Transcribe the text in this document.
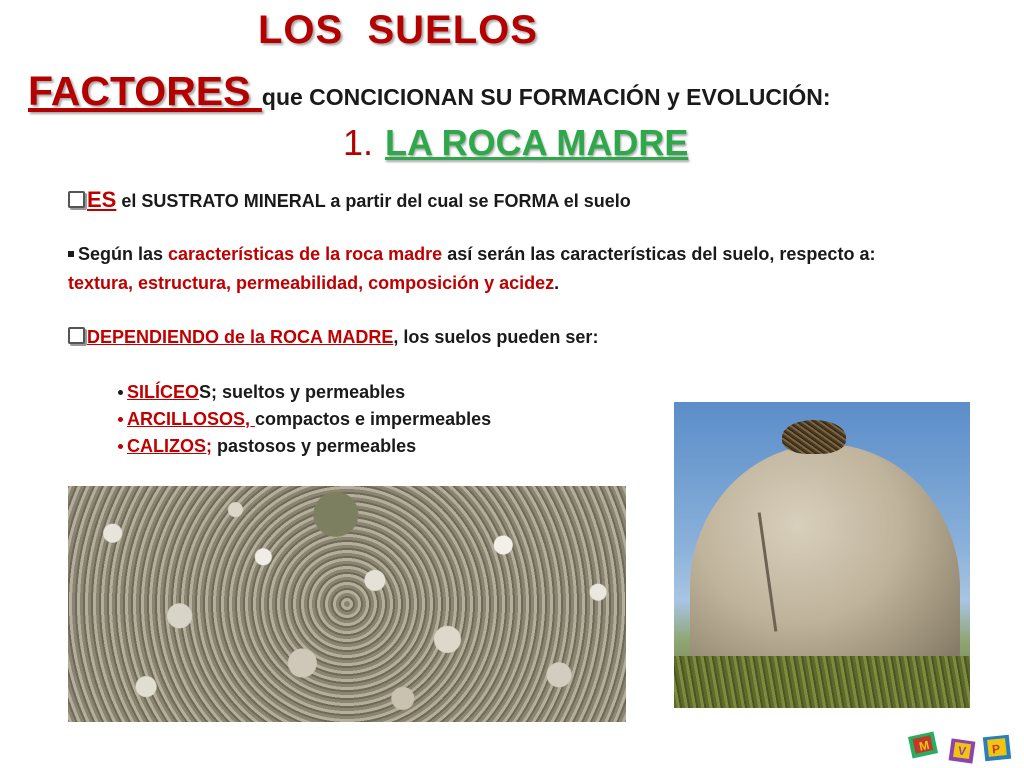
LOS  SUELOS
FACTORES que CONCICIONAN SU FORMACIÓN y EVOLUCIÓN:
1. LA ROCA MADRE
ES el SUSTRATO MINERAL a partir del cual se FORMA el suelo
Según las características de la roca madre así serán las características del suelo, respecto a:
textura, estructura, permeabilidad, composición y acidez.
DEPENDIENDO de la ROCA MADRE, los suelos pueden ser:
SILÍCEOS; sueltos y permeables
ARCILLOSOS, compactos e impermeables
CALIZOS; pastosos y permeables
M V P
